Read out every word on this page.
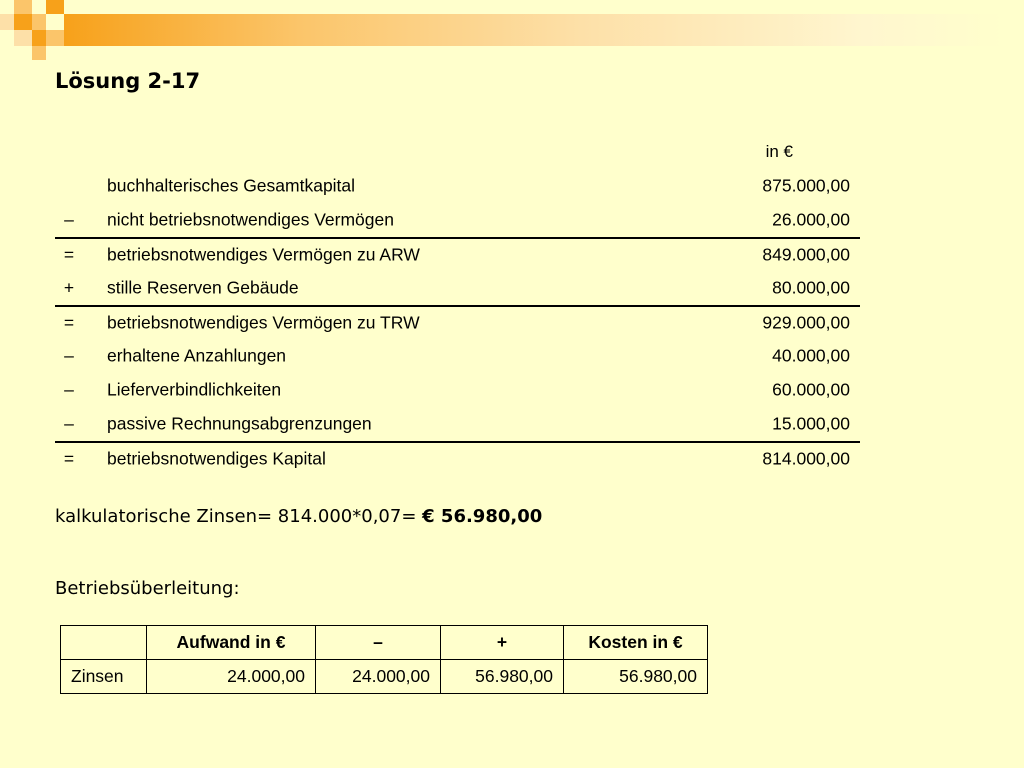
Lösung 2-17
in €
buchhalterisches Gesamtkapital	875.000,00
– nicht betriebsnotwendiges Vermögen	26.000,00
= betriebsnotwendiges Vermögen zu ARW	849.000,00
+ stille Reserven Gebäude	80.000,00
= betriebsnotwendiges Vermögen zu TRW	929.000,00
– erhaltene Anzahlungen	40.000,00
– Lieferverbindlichkeiten	60.000,00
– passive Rechnungsabgrenzungen	15.000,00
= betriebsnotwendiges Kapital	814.000,00
kalkulatorische Zinsen= 814.000*0,07= € 56.980,00
Betriebsüberleitung:
	Aufwand in €	–	+	Kosten in €
Zinsen	24.000,00	24.000,00	56.980,00	56.980,00
